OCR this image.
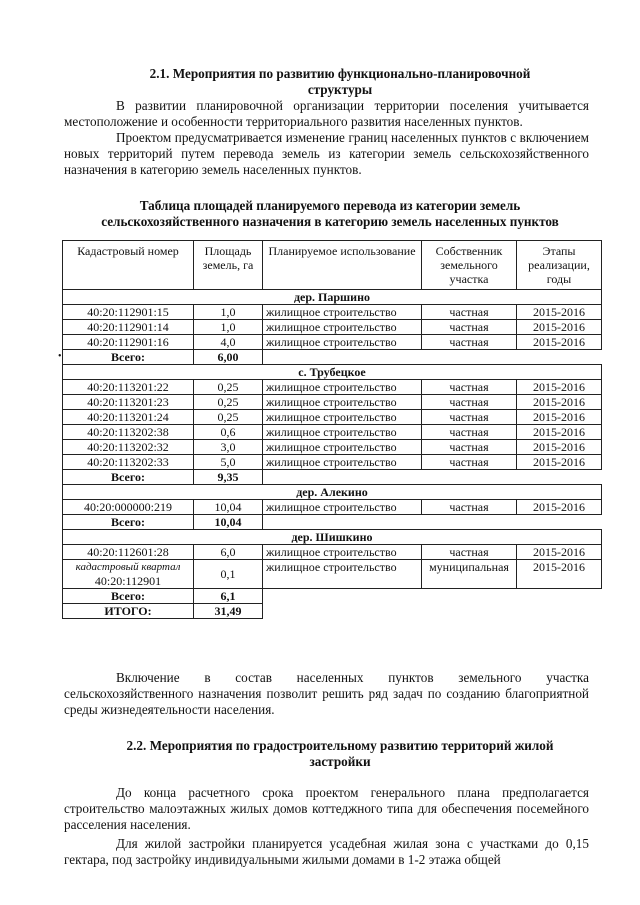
2.1. Мероприятия по развитию функционально-планировочной структуры
В развитии планировочной организации территории поселения учитывается местоположение и особенности территориального развития населенных пунктов.
Проектом предусматривается изменение границ населенных пунктов с включением новых территорий путем перевода земель из категории земель сельскохозяйственного назначения в категорию земель населенных пунктов.
Таблица площадей планируемого перевода из категории земель сельскохозяйственного назначения в категорию земель населенных пунктов
•
Кадастровый номер	Площадь земель, га	Планируемое использование	Собственник земельного участка	Этапы реализации, годы
дер. Паршино				
40:20:112901:15	1,0	жилищное строительство	частная	2015-2016
40:20:112901:14	1,0	жилищное строительство	частная	2015-2016
40:20:112901:16	4,0	жилищное строительство	частная	2015-2016
Всего:	6,00			
с. Трубецкое				
40:20:113201:22	0,25	жилищное строительство	частная	2015-2016
40:20:113201:23	0,25	жилищное строительство	частная	2015-2016
40:20:113201:24	0,25	жилищное строительство	частная	2015-2016
40:20:113202:38	0,6	жилищное строительство	частная	2015-2016
40:20:113202:32	3,0	жилищное строительство	частная	2015-2016
40:20:113202:33	5,0	жилищное строительство	частная	2015-2016
Всего:	9,35			
дер. Алекино				
40:20:000000:219	10,04	жилищное строительство	частная	2015-2016
Всего:	10,04			
дер. Шишкино				
40:20:112601:28	6,0	жилищное строительство	частная	2015-2016

кадастровый квартал
40:20:112901	0,1	жилищное строительство	муниципальная	2015-2016
Всего:	6,1			
ИТОГО:	31,49			
Включение в состав населенных пунктов земельного участка сельскохозяйственного назначения позволит решить ряд задач по созданию благоприятной среды жизнедеятельности населения.
2.2. Мероприятия по градостроительному развитию территорий жилой застройки
До конца расчетного срока проектом генерального плана предполагается строительство малоэтажных жилых домов коттеджного типа для обеспечения посемейного расселения населения.
Для жилой застройки планируется усадебная жилая зона с участками до 0,15 гектара, под застройку индивидуальными жилыми домами в 1-2 этажа общей
